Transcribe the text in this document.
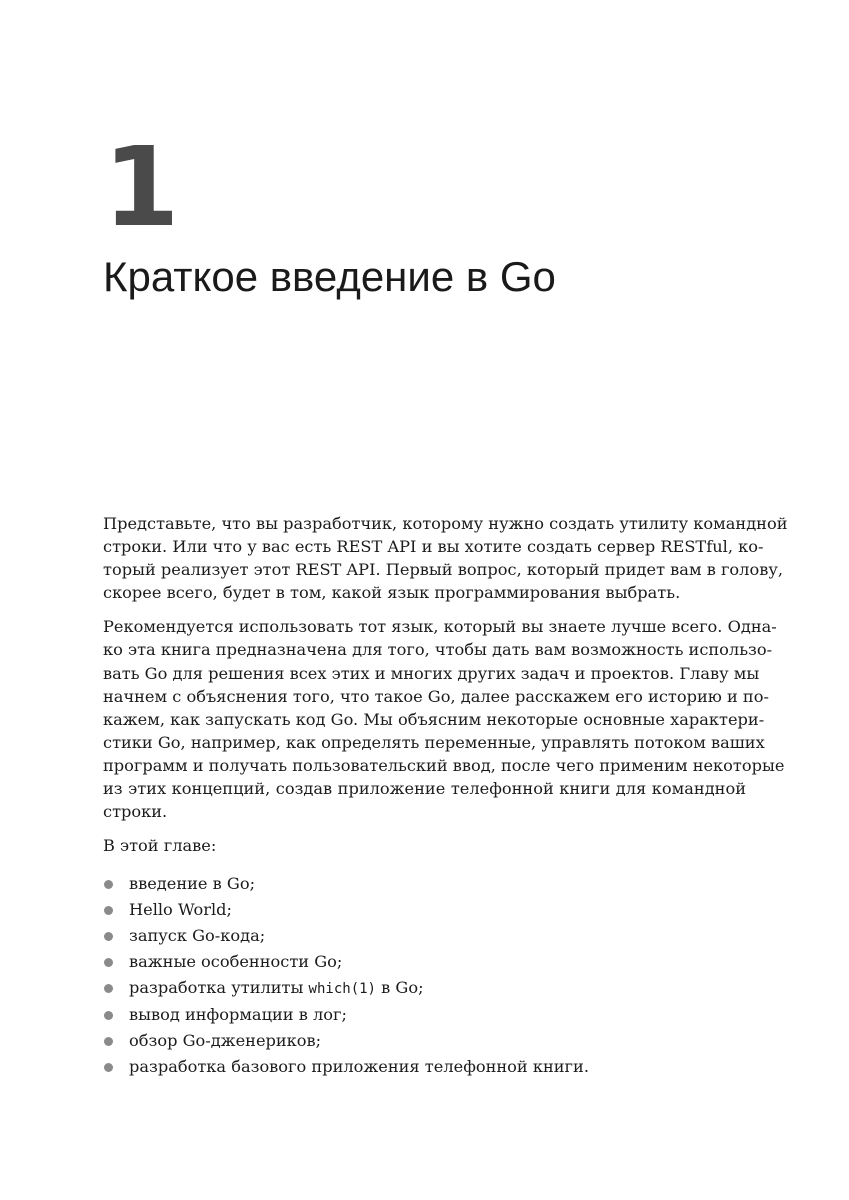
1
Краткое введение в Go

Представьте, что вы разработчик, которому нужно создать утилиту командной
строки. Или что у вас есть REST API и вы хотите создать сервер RESTful, ко-
торый реализует этот REST API. Первый вопрос, который придет вам в голову,
скорее всего, будет в том, какой язык программирования выбрать.

Рекомендуется использовать тот язык, который вы знаете лучше всего. Одна-
ко эта книга предназначена для того, чтобы дать вам возможность использо-
вать Go для решения всех этих и многих других задач и проектов. Главу мы
начнем с объяснения того, что такое Go, далее расскажем его историю и по-
кажем, как запускать код Go. Мы объясним некоторые основные характери-
стики Go, например, как определять переменные, управлять потоком ваших
программ и получать пользовательский ввод, после чего применим некоторые
из этих концепций, создав приложение телефонной книги для командной
строки.

В этой главе:

введение в Go;
Hello World;
запуск Go-кода;
важные особенности Go;
разработка утилиты which(1) в Go;
вывод информации в лог;
обзор Go-дженериков;
разработка базового приложения телефонной книги.
